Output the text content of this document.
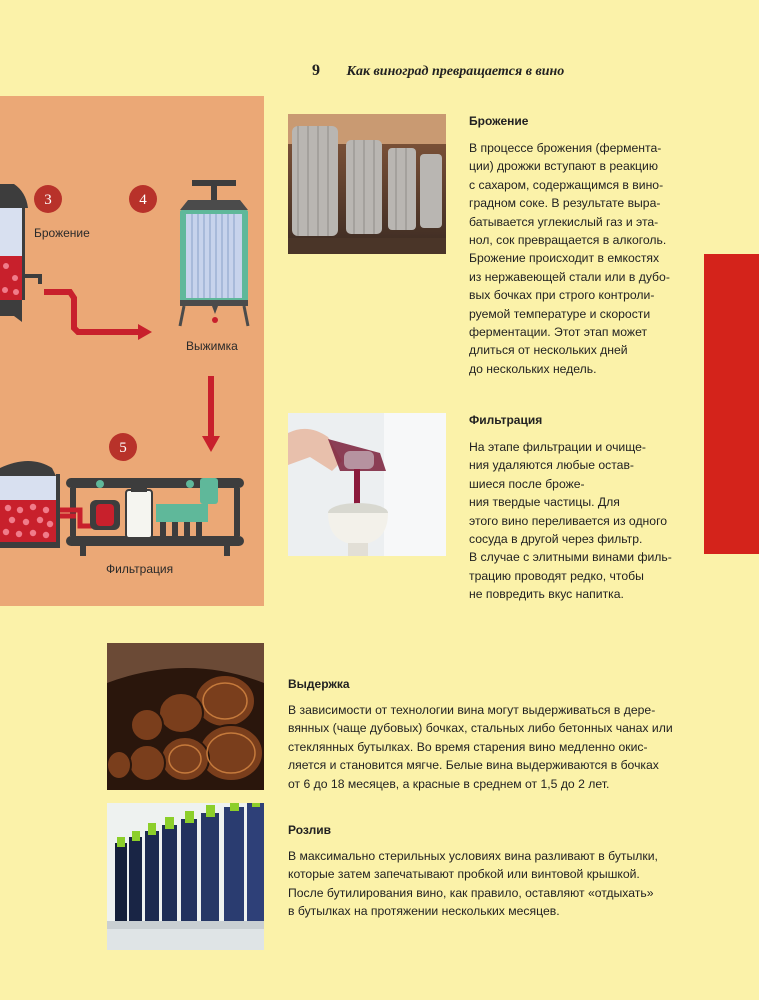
9 Как виноград превращается в вино
3	4
5
Брожение
Выжимка
Фильтрация
Брожение
В процессе брожения (фермента-
ции) дрожжи вступают в реакцию
с сахаром, содержащимся в вино-
градном соке. В результате выра-
батывается углекислый газ и эта-
нол, сок превращается в алкоголь.
Брожение происходит в емкостях
из нержавеющей стали или в дубо-
вых бочках при строго контроли-
руемой температуре и скорости
ферментации. Этот этап может
длиться от нескольких дней
до нескольких недель.
Фильтрация
На этапе фильтрации и очище-
ния удаляются любые остав-
шиеся после броже-
ния твердые частицы. Для
этого вино переливается из одного
сосуда в другой через фильтр.
В случае с элитными винами филь-
трацию проводят редко, чтобы
не повредить вкус напитка.
Выдержка
В зависимости от технологии вина могут выдерживаться в дере-
вянных (чаще дубовых) бочках, стальных либо бетонных чанах или
стеклянных бутылках. Во время старения вино медленно окис-
ляется и становится мягче. Белые вина выдерживаются в бочках
от 6 до 18 месяцев, а красные в среднем от 1,5 до 2 лет.
Розлив
В максимально стерильных условиях вина разливают в бутылки,
которые затем запечатывают пробкой или винтовой крышкой.
После бутилирования вино, как правило, оставляют «отдыхать»
в бутылках на протяжении нескольких месяцев.
